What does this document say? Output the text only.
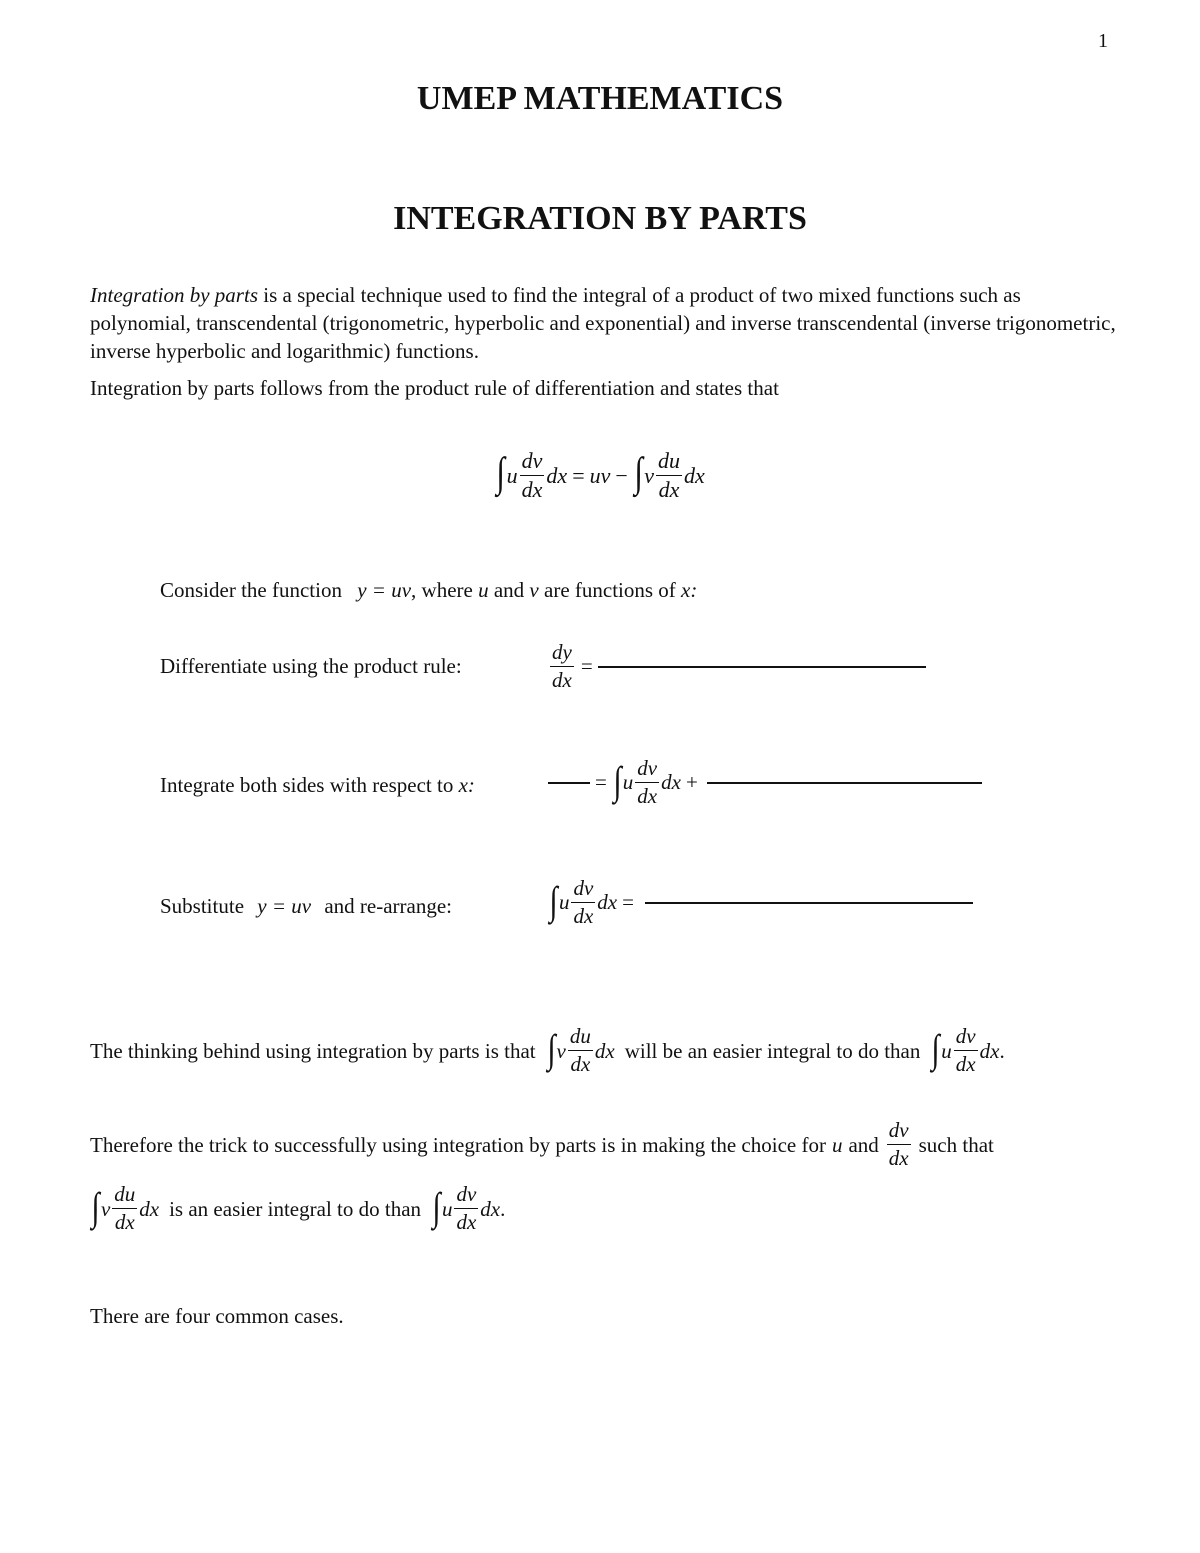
1
UMEP MATHEMATICS
INTEGRATION BY PARTS
Integration by parts is a special technique used to find the integral of a product of two mixed functions such as polynomial, transcendental (trigonometric, hyperbolic and exponential) and inverse transcendental (inverse trigonometric, inverse hyperbolic and logarithmic) functions.
Integration by parts follows from the product rule of differentiation and states that
∫ u $\frac{dv}{dx}$ dx = uv − ∫ v $\frac{du}{dx}$ dx
Consider the function y = uv, where u and v are functions of x:
Differentiate using the product rule:	$\frac{dy}{dx}$ =
Integrate both sides with respect to x:	= ∫ u $\frac{dv}{dx}$ dx +
Substitute y = uv and re-arrange: ∫ u $\frac{dv}{dx}$ dx =
The thinking behind using integration by parts is that ∫ v $\frac{du}{dx}$ dx will be an easier integral to do than ∫ u $\frac{dv}{dx}$ dx .
Therefore the trick to successfully using integration by parts is in making the choice for u and $\frac{dv}{dx}$ such that
∫ v $\frac{du}{dx}$ dx is an easier integral to do than ∫ u $\frac{dv}{dx}$ dx .
There are four common cases.
